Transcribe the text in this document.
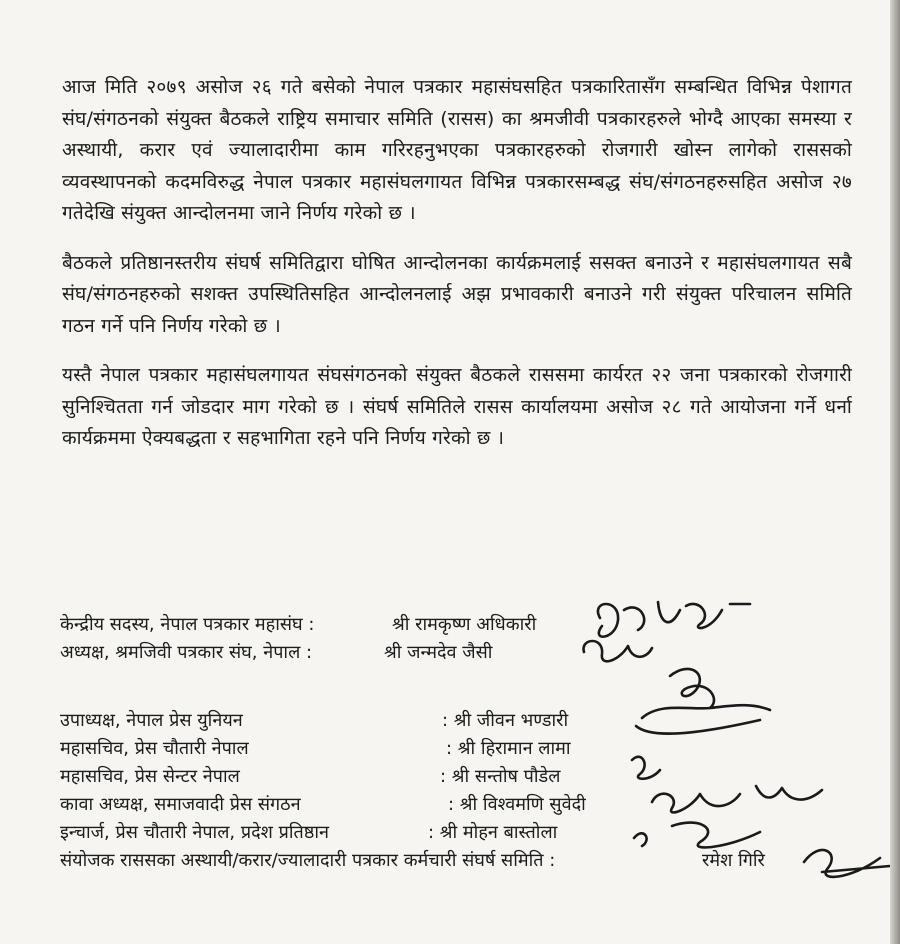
आज मिति २०७९ असोज २६ गते बसेको नेपाल पत्रकार महासंघसहित पत्रकारितासँग सम्बन्धित विभिन्न पेशागत संघ/संगठनको संयुक्त बैठकले राष्ट्रिय समाचार समिति (रासस) का श्रमजीवी पत्रकारहरुले भोग्दै आएका समस्या र अस्थायी, करार एवं ज्यालादारीमा काम गरिरहनुभएका पत्रकारहरुको रोजगारी खोस्न लागेको राससको व्यवस्थापनको कदमविरुद्ध नेपाल पत्रकार महासंघलगायत विभिन्न पत्रकारसम्बद्ध संघ/संगठनहरुसहित असोज २७ गतेदेखि संयुक्त आन्दोलनमा जाने निर्णय गरेको छ ।

बैठकले प्रतिष्ठानस्तरीय संघर्ष समितिद्वारा घोषित आन्दोलनका कार्यक्रमलाई ससक्त बनाउने र महासंघलगायत सबै संघ/संगठनहरुको सशक्त उपस्थितिसहित आन्दोलनलाई अझ प्रभावकारी बनाउने गरी संयुक्त परिचालन समिति गठन गर्ने पनि निर्णय गरेको छ ।

यस्तै नेपाल पत्रकार महासंघलगायत संघसंगठनको संयुक्त बैठकले राससमा कार्यरत २२ जना पत्रकारको रोजगारी सुनिश्चितता गर्न जोडदार माग गरेको छ । संघर्ष समितिले रासस कार्यालयमा असोज २८ गते आयोजना गर्ने धर्ना कार्यक्रममा ऐक्यबद्धता र सहभागिता रहने पनि निर्णय गरेको छ ।

केन्द्रीय सदस्य, नेपाल पत्रकार महासंघ :	श्री रामकृष्ण अधिकारी
अध्यक्ष, श्रमजिवी पत्रकार संघ, नेपाल :	श्री जन्मदेव जैसी
उपाध्यक्ष, नेपाल प्रेस युनियन	: श्री जीवन भण्डारी
महासचिव, प्रेस चौतारी नेपाल	: श्री हिरामान लामा
महासचिव, प्रेस सेन्टर नेपाल	: श्री सन्तोष पौडेल
कावा अध्यक्ष, समाजवादी प्रेस संगठन	: श्री विश्वमणि सुवेदी
इन्चार्ज, प्रेस चौतारी नेपाल, प्रदेश प्रतिष्ठान	: श्री मोहन बास्तोला
संयोजक रासस‍का अस्थायी/करार/ज्यालादारी पत्रकार कर्मचारी संघर्ष समिति :	रमेश गिरि
